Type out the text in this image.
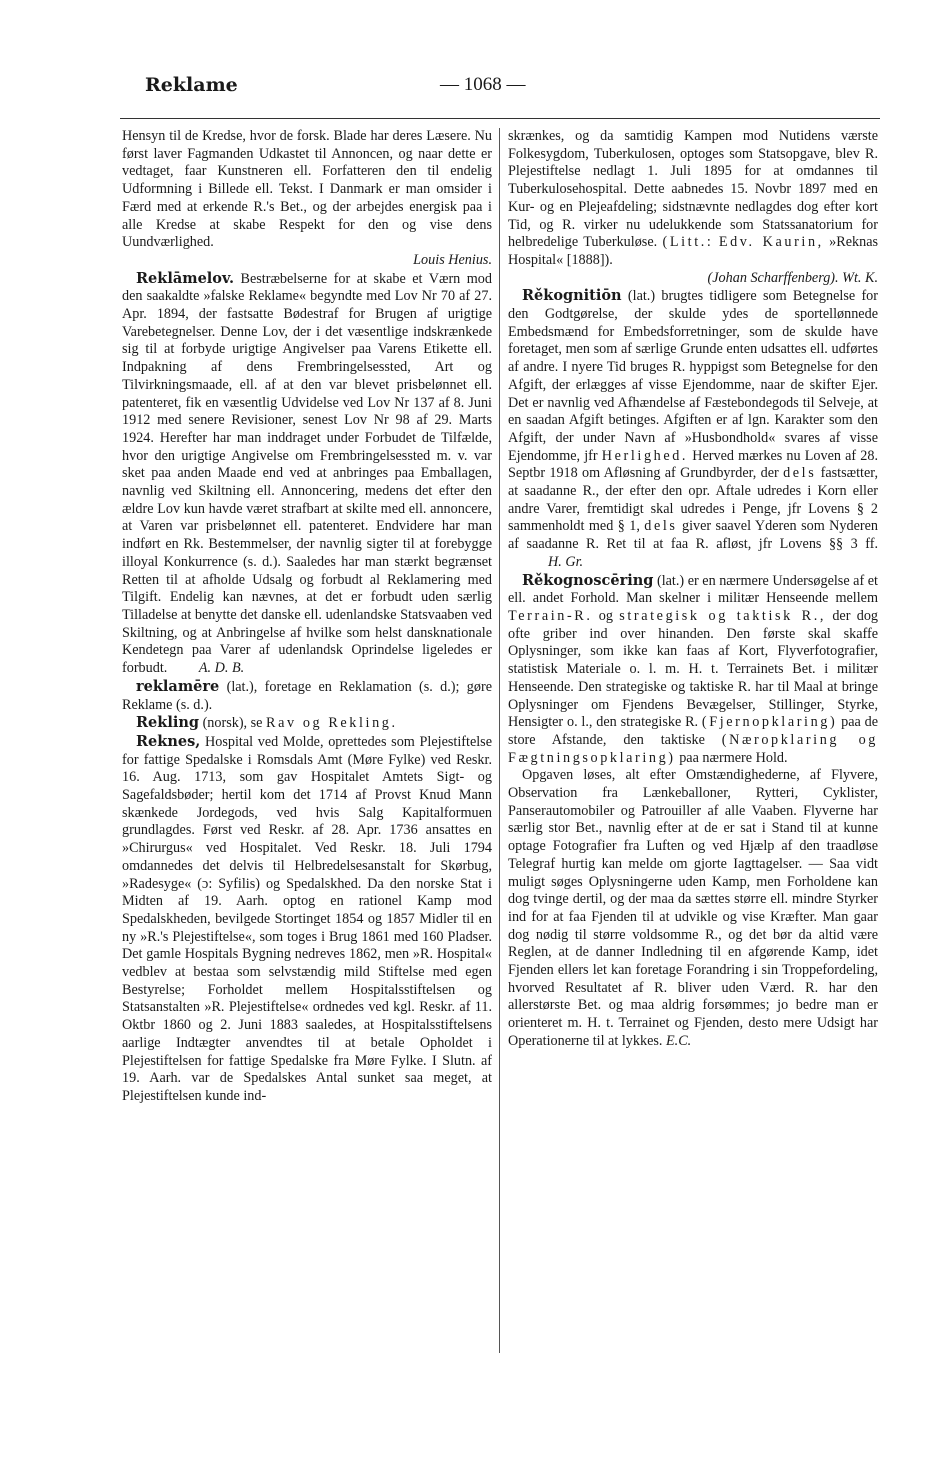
Reklame	— 1068 —

Hensyn til de Kredse, hvor de forsk. Blade har deres Læsere. Nu først laver Fagmanden Udkastet til Annoncen, og naar dette er vedtaget, faar Kunstneren ell. Forfatteren den til endelig Udformning i Billede ell. Tekst. I Danmark er man omsider i Færd med at erkende R.'s Bet., og der arbejdes energisk paa i alle Kredse at skabe Respekt for den og vise dens Uundværlighed.
Louis Henius.

Reklāmelov. Bestræbelserne for at skabe et Værn mod den saakaldte »falske Reklame« begyndte med Lov Nr 70 af 27. Apr. 1894, der fastsatte Bødestraf for Brugen af urigtige Varebetegnelser. Denne Lov, der i det væsentlige indskrænkede sig til at forbyde urigtige Angivelser paa Varens Etikette ell. Indpakning af dens Frembringelsessted, Art og Tilvirkningsmaade, ell. af at den var blevet prisbelønnet ell. patenteret, fik en væsentlig Udvidelse ved Lov Nr 137 af 8. Juni 1912 med senere Revisioner, senest Lov Nr 98 af 29. Marts 1924. Herefter har man inddraget under Forbudet de Tilfælde, hvor den urigtige Angivelse om Frembringelsessted m. v. var sket paa anden Maade end ved at anbringes paa Emballagen, navnlig ved Skiltning ell. Annoncering, medens det efter den ældre Lov kun havde været strafbart at skilte med ell. annoncere, at Varen var prisbelønnet ell. patenteret. Endvidere har man indført en Rk. Bestemmelser, der navnlig sigter til at forebygge illoyal Konkurrence (s. d.). Saaledes har man stærkt begrænset Retten til at afholde Udsalg og forbudt al Reklamering med Tilgift. Endelig kan nævnes, at det er forbudt uden særlig Tilladelse at benytte det danske ell. udenlandske Statsvaaben ved Skiltning, og at Anbringelse af hvilke som helst dansknationale Kendetegn paa Varer af udenlandsk Oprindelse ligeledes er forbudt. A. D. B.

reklamēre (lat.), foretage en Reklamation (s. d.); gøre Reklame (s. d.).

Rekling (norsk), se Rav og Rekling.

Reknes, Hospital ved Molde, oprettedes som Plejestiftelse for fattige Spedalske i Romsdals Amt (Møre Fylke) ved Reskr. 16. Aug. 1713, som gav Hospitalet Amtets Sigt- og Sagefaldsbøder; hertil kom det 1714 af Provst Knud Mann skænkede Jordegods, ved hvis Salg Kapitalformuen grundlagdes. Først ved Reskr. af 28. Apr. 1736 ansattes en »Chirurgus« ved Hospitalet. Ved Reskr. 18. Juli 1794 omdannedes det delvis til Helbredelsesanstalt for Skørbug, »Radesyge« (ɔ: Syfilis) og Spedalskhed. Da den norske Stat i Midten af 19. Aarh. optog en rationel Kamp mod Spedalskheden, bevilgede Stortinget 1854 og 1857 Midler til en ny »R.'s Plejestiftelse«, som toges i Brug 1861 med 160 Pladser. Det gamle Hospitals Bygning nedreves 1862, men »R. Hospital« vedblev at bestaa som selvstændig mild Stiftelse med egen Bestyrelse; Forholdet mellem Hospitalsstiftelsen og Statsanstalten »R. Plejestiftelse« ordnedes ved kgl. Reskr. af 11. Oktbr 1860 og 2. Juni 1883 saaledes, at Hospitalsstiftelsens aarlige Indtægter anvendtes til at betale Opholdet i Plejestiftelsen for fattige Spedalske fra Møre Fylke. I Slutn. af 19. Aarh. var de Spedalskes Antal sunket saa meget, at Plejestiftelsen kunde ind-

skrænkes, og da samtidig Kampen mod Nutidens værste Folkesygdom, Tuberkulosen, optoges som Statsopgave, blev R. Plejestiftelse nedlagt 1. Juli 1895 for at omdannes til Tuberkulosehospital. Dette aabnedes 15. Novbr 1897 med en Kur- og en Plejeafdeling; sidstnævnte nedlagdes dog efter kort Tid, og R. virker nu udelukkende som Statssanatorium for helbredelige Tuberkuløse. (Litt.: Edv. Kaurin, »Reknas Hospital« [1888]).
(Johan Scharffenberg). Wt. K.

Rěkognitiōn (lat.) brugtes tidligere som Betegnelse for den Godtgørelse, der skulde ydes de sportellønnede Embedsmænd for Embedsforretninger, som de skulde have foretaget, men som af særlige Grunde enten udsattes ell. udførtes af andre. I nyere Tid bruges R. hyppigst som Betegnelse for den Afgift, der erlægges af visse Ejendomme, naar de skifter Ejer. Det er navnlig ved Afhændelse af Fæstebondegods til Selveje, at en saadan Afgift betinges. Afgiften er af lgn. Karakter som den Afgift, der under Navn af »Husbondhold« svares af visse Ejendomme, jfr Herlighed. Herved mærkes nu Loven af 28. Septbr 1918 om Afløsning af Grundbyrder, der dels fastsætter, at saadanne R., der efter den opr. Aftale udredes i Korn eller andre Varer, fremtidigt skal udredes i Penge, jfr Lovens § 2 sammenholdt med § 1, dels giver saavel Yderen som Nyderen af saadanne R. Ret til at faa R. afløst, jfr Lovens §§ 3 ff. H. Gr.

Rěkognoscēring (lat.) er en nærmere Undersøgelse af et ell. andet Forhold. Man skelner i militær Henseende mellem Terrain-R. og strategisk og taktisk R., der dog ofte griber ind over hinanden. Den første skal skaffe Oplysninger, som ikke kan faas af Kort, Flyverfotografier, statistisk Materiale o. l. m. H. t. Terrainets Bet. i militær Henseende. Den strategiske og taktiske R. har til Maal at bringe Oplysninger om Fjendens Bevægelser, Stillinger, Styrke, Hensigter o. l., den strategiske R. (Fjernopklaring) paa de store Afstande, den taktiske (Næropklaring og Fægtningsopklaring) paa nærmere Hold.

Opgaven løses, alt efter Omstændighederne, af Flyvere, Observation fra Lænkeballoner, Rytteri, Cyklister, Panserautomobiler og Patrouiller af alle Vaaben. Flyverne har særlig stor Bet., navnlig efter at de er sat i Stand til at kunne optage Fotografier fra Luften og ved Hjælp af den traadløse Telegraf hurtig kan melde om gjorte Iagttagelser. — Saa vidt muligt søges Oplysningerne uden Kamp, men Forholdene kan dog tvinge dertil, og der maa da sættes større ell. mindre Styrker ind for at faa Fjenden til at udvikle og vise Kræfter. Man gaar dog nødig til større voldsomme R., og det bør da altid være Reglen, at de danner Indledning til en afgørende Kamp, idet Fjenden ellers let kan foretage Forandring i sin Troppefordeling, hvorved Resultatet af R. bliver uden Værd. R. har den allerstørste Bet. og maa aldrig forsømmes; jo bedre man er orienteret m. H. t. Terrainet og Fjenden, desto mere Udsigt har Operationerne til at lykkes. E.C.
